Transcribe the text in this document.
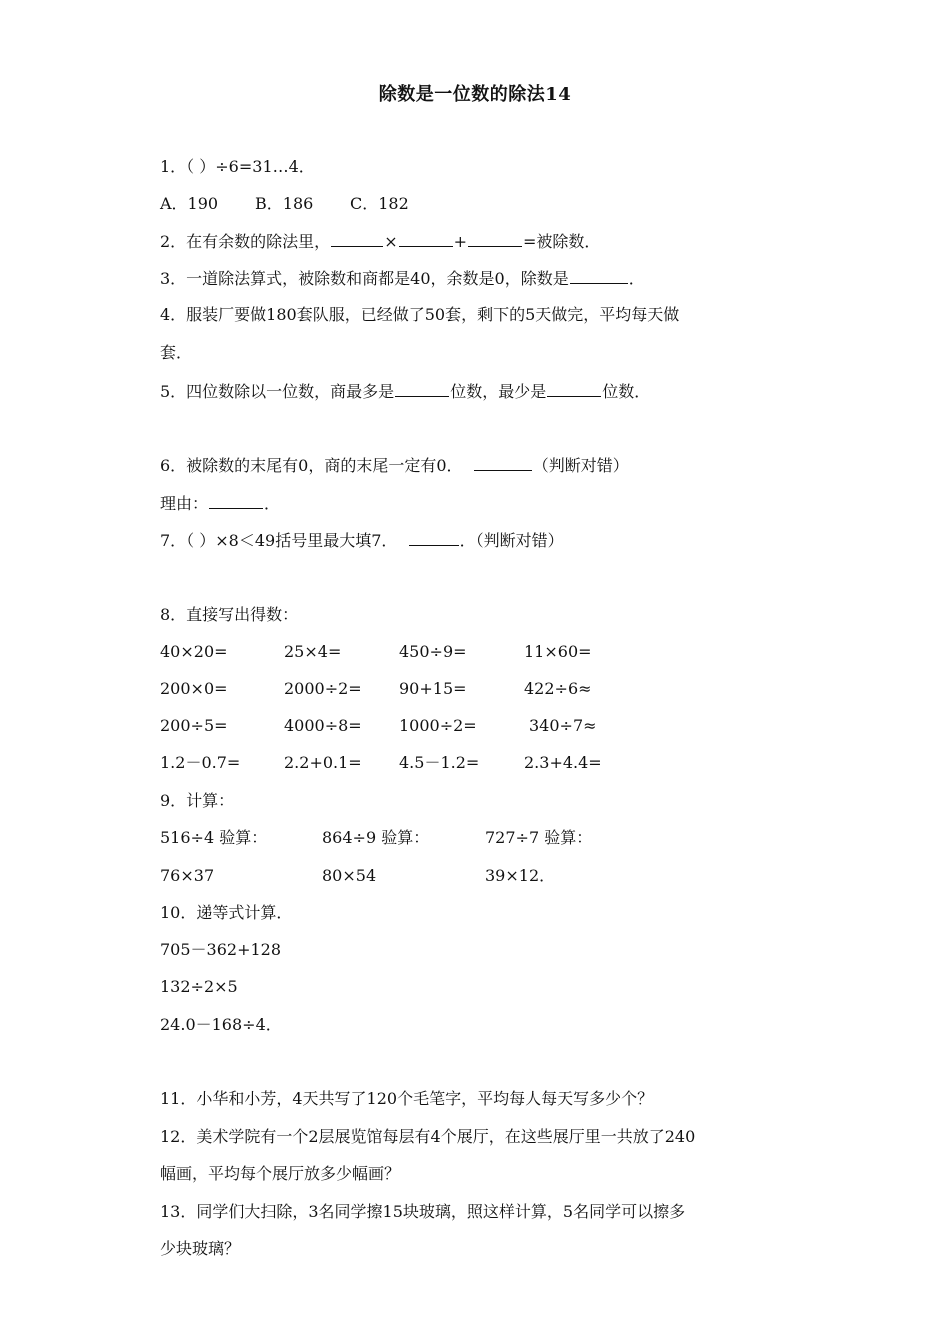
除数是一位数的除法14
1．（ ）÷6=31…4．
A．190 B．186 C．182
2．在有余数的除法里，	×	+	=被除数．
3．一道除法算式，被除数和商都是40，余数是0，除数是	．
4．服装厂要做180套队服，已经做了50套，剩下的5天做完，平均每天做
套．
5．四位数除以一位数，商最多是	位数，最少是	位数．
6．被除数的末尾有0，商的末尾一定有0．	（判断对错）
理由：	．
7．（ ）×8＜49括号里最大填7．	．（判断对错）
8．直接写出得数：
40×20=	25×4=	450÷9=	11×60=
200×0=	2000÷2= 90+15=	422÷6≈
200÷5=	4000÷8= 1000÷2=	340÷7≈
1.2－0.7=	2.2+0.1= 4.5－1.2=	2.3+4.4=
9．计算：
516÷4 验算：	864÷9 验算：	727÷7 验算：
76×37	80×54	39×12．
10．递等式计算．
705－362+128
132÷2×5
24.0－168÷4．
11．小华和小芳，4天共写了120个毛笔字，平均每人每天写多少个？
12．美术学院有一个2层展览馆每层有4个展厅，在这些展厅里一共放了240
幅画，平均每个展厅放多少幅画？
13．同学们大扫除，3名同学擦15块玻璃，照这样计算，5名同学可以擦多
少块玻璃？
